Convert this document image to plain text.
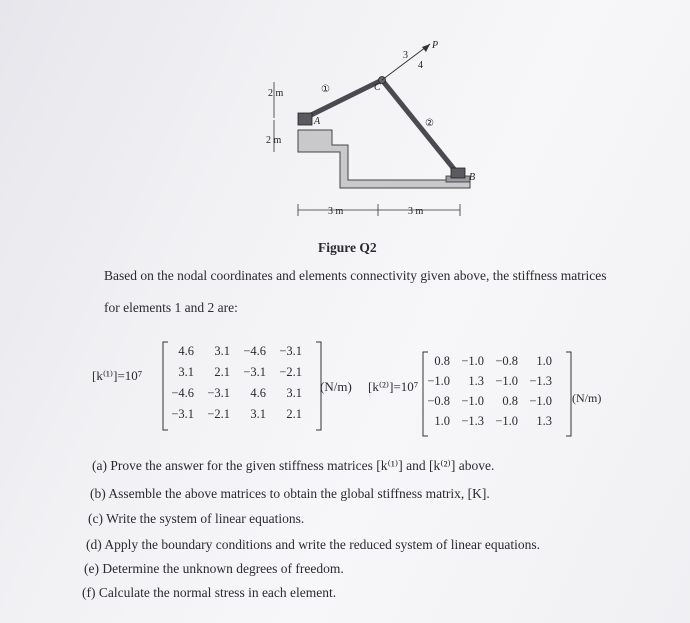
2 m
2 m
3 m	3 m
①
②
A
B
C
P
3
4
Figure Q2
Based on the nodal coordinates and elements connectivity given above, the stiffness matrices
for elements 1 and 2 are:
[k⁽¹⁾]=10⁷
4.6	3.1	−4.6	−3.1
3.1	2.1	−3.1	−2.1
−4.6	−3.1	4.6	3.1
−3.1	−2.1	3.1	2.1
(N/m) [k⁽²⁾]=10⁷
0.8 −1.0 −0.8	1.0
−1.0	1.3 −1.0 −1.3
−0.8 −1.0	0.8 −1.0
1.0 −1.3 −1.0	1.3
(N/m)
(a) Prove the answer for the given stiffness matrices [k⁽¹⁾] and [k⁽²⁾] above.
(b) Assemble the above matrices to obtain the global stiffness matrix, [K].
(c) Write the system of linear equations.
(d) Apply the boundary conditions and write the reduced system of linear equations.
(e) Determine the unknown degrees of freedom.
(f) Calculate the normal stress in each element.
